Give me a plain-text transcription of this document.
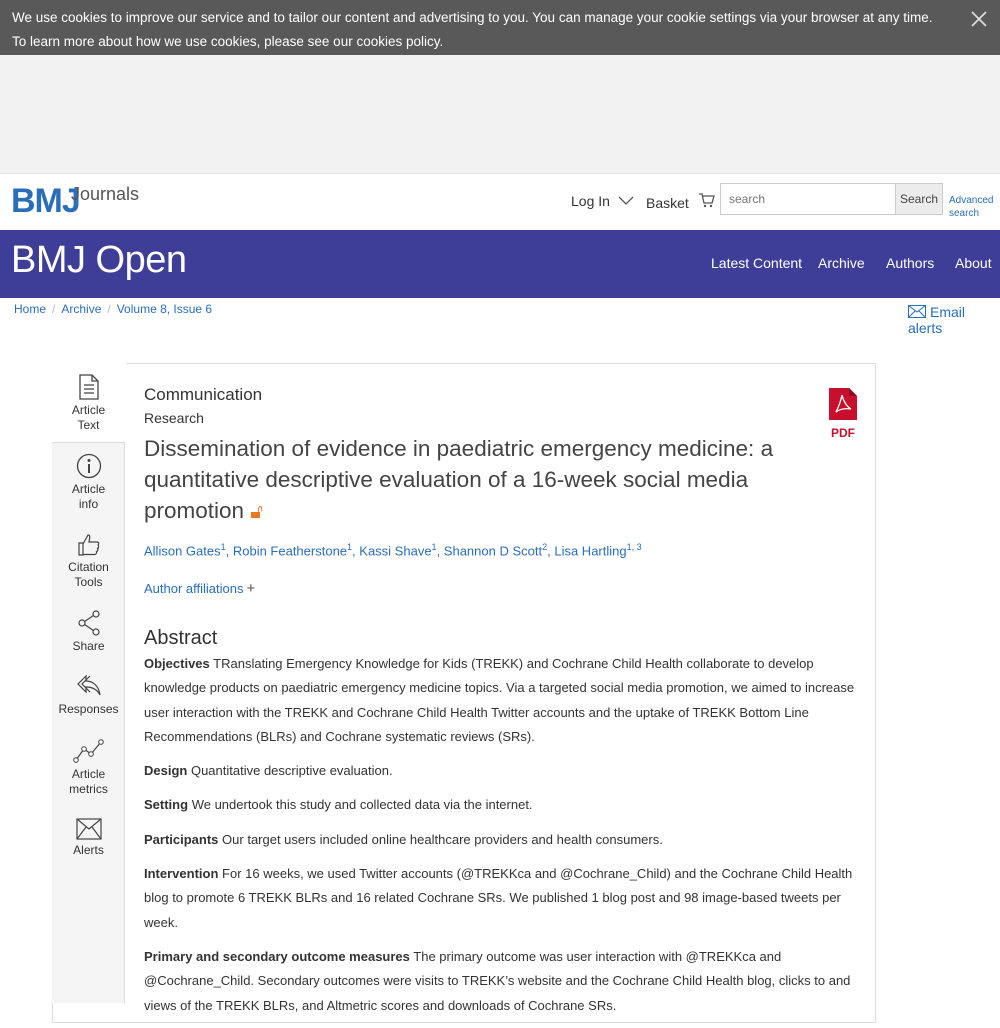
We use cookies to improve our service and to tailor our content and advertising to you. You can manage your cookie settings via your browser at any time. To learn more about how we use cookies, please see our cookies policy.
BMJ
Journals	Log In	Basket
search	Search	Advanced search
BMJ Open	Latest Content Archive Authors About
Home / Archive / Volume 8, Issue 6	Email alerts
Article
Text
Article
info
Citation
Tools
Share
Responses
Article
metrics
Alerts
Communication
Research
PDF
Dissemination of evidence in paediatric emergency medicine: a quantitative descriptive evaluation of a 16-week social media promotion 🔓︎
Allison Gates$^1$, Robin Featherstone$^1$, Kassi Shave$^1$, Shannon D Scott$^2$, Lisa Hartling$^{1, 3}$
Author affiliations +
Abstract

Objectives TRanslating Emergency Knowledge for Kids (TREKK) and Cochrane Child Health collaborate to develop knowledge products on paediatric emergency medicine topics. Via a targeted social media promotion, we aimed to increase user interaction with the TREKK and Cochrane Child Health Twitter accounts and the uptake of TREKK Bottom Line Recommendations (BLRs) and Cochrane systematic reviews (SRs).

Design Quantitative descriptive evaluation.

Setting We undertook this study and collected data via the internet.

Participants Our target users included online healthcare providers and health consumers.

Intervention For 16 weeks, we used Twitter accounts (@TREKKca and @Cochrane_Child) and the Cochrane Child Health blog to promote 6 TREKK BLRs and 16 related Cochrane SRs. We published 1 blog post and 98 image-based tweets per week.

Primary and secondary outcome measures The primary outcome was user interaction with @TREKKca and @Cochrane_Child. Secondary outcomes were visits to TREKK’s website and the Cochrane Child Health blog, clicks to and views of the TREKK BLRs, and Altmetric scores and downloads of Cochrane SRs.
